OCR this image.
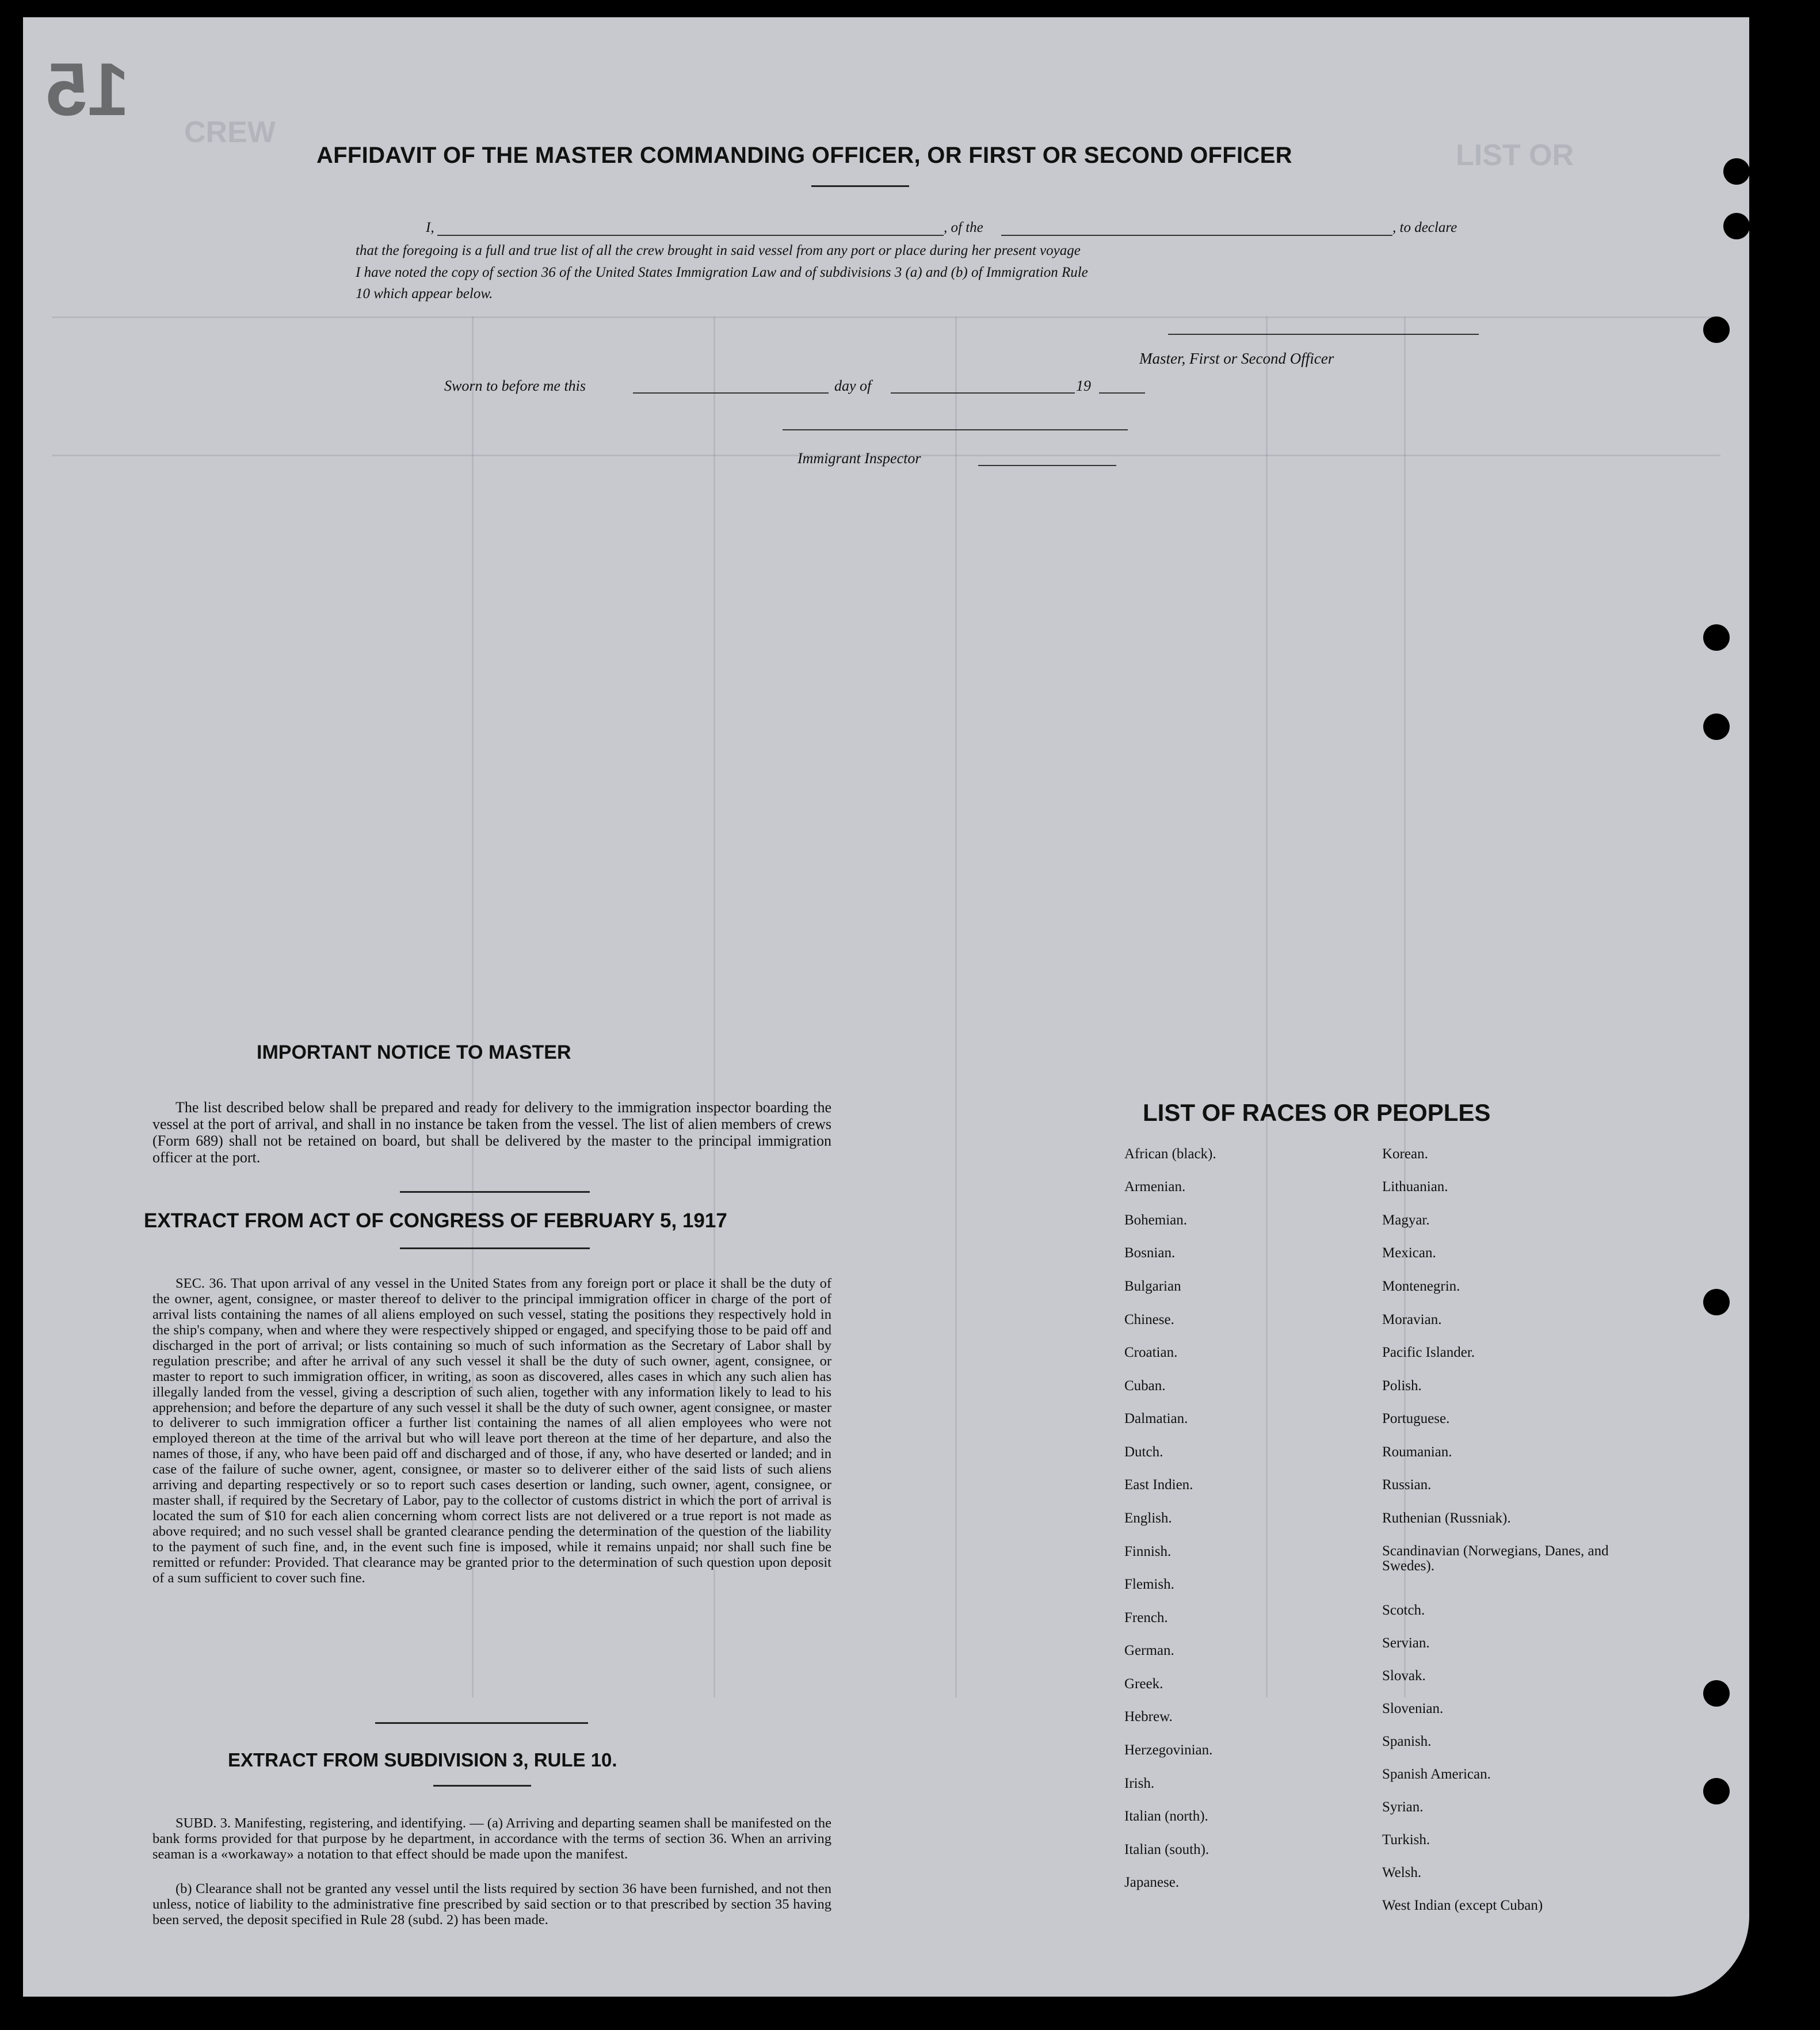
LIST OR
CREW
15
AFFIDAVIT OF THE MASTER COMMANDING OFFICER, OR FIRST OR SECOND OFFICER
I,	, of the	, to declare
that the foregoing is a full and true list of all the crew brought in said vessel from any port or place during her present voyage
I have noted the copy of section 36 of the United States Immigration Law and of subdivisions 3 (a) and (b) of Immigration Rule
10 which appear below.
Master, First or Second Officer
Sworn to before me this	day of	19
Immigrant Inspector
IMPORTANT NOTICE TO MASTER
The list described below shall be prepared and ready for delivery to the immigration inspector boarding the vessel at the port of arrival, and shall in no instance be taken from the vessel. The list of alien members of crews (Form 689) shall not be retained on board, but shall be delivered by the master to the principal immigration officer at the port.
EXTRACT FROM ACT OF CONGRESS OF FEBRUARY 5, 1917
SEC. 36. That upon arrival of any vessel in the United States from any foreign port or place it shall be the duty of the owner, agent, consignee, or master thereof to deliver to the principal immigration officer in charge of the port of arrival lists containing the names of all aliens employed on such vessel, stating the positions they respectively hold in the ship's company, when and where they were respectively shipped or engaged, and specifying those to be paid off and discharged in the port of arrival; or lists containing so much of such information as the Secretary of Labor shall by regulation prescribe; and after he arrival of any such vessel it shall be the duty of such owner, agent, consignee, or master to report to such immigration officer, in writing, as soon as discovered, alles cases in which any such alien has illegally landed from the vessel, giving a description of such alien, together with any information likely to lead to his apprehension; and before the departure of any such vessel it shall be the duty of such owner, agent consignee, or master to deliverer to such immigration officer a further list containing the names of all alien employees who were not employed thereon at the time of the arrival but who will leave port thereon at the time of her departure, and also the names of those, if any, who have been paid off and discharged and of those, if any, who have deserted or landed; and in case of the failure of suche owner, agent, consignee, or master so to deliverer either of the said lists of such aliens arriving and departing respectively or so to report such cases desertion or landing, such owner, agent, consignee, or master shall, if required by the Secretary of Labor, pay to the collector of customs district in which the port of arrival is located the sum of $10 for each alien concerning whom correct lists are not delivered or a true report is not made as above required; and no such vessel shall be granted clearance pending the determination of the question of the liability to the payment of such fine, and, in the event such fine is imposed, while it remains unpaid; nor shall such fine be remitted or refunder: Provided. That clearance may be granted prior to the determination of such question upon deposit of a sum sufficient to cover such fine.
EXTRACT FROM SUBDIVISION 3, RULE 10.
SUBD. 3. Manifesting, registering, and identifying. — (a) Arriving and departing seamen shall be manifested on the bank forms provided for that purpose by he department, in accordance with the terms of section 36. When an arriving seaman is a «workaway» a notation to that effect should be made upon the manifest.
(b) Clearance shall not be granted any vessel until the lists required by section 36 have been furnished, and not then unless, notice of liability to the administrative fine prescribed by said section or to that prescribed by section 35 having been served, the deposit specified in Rule 28 (subd. 2) has been made.
LIST OF RACES OR PEOPLES
African (black).
Armenian.
Bohemian.
Bosnian.
Bulgarian
Chinese.
Croatian.
Cuban.
Dalmatian.
Dutch.
East Indien.
English.
Finnish.
Flemish.
French.
German.
Greek.
Hebrew.
Herzegovinian.
Irish.
Italian (north).
Italian (south).
Japanese.
Korean.
Lithuanian.
Magyar.
Mexican.
Montenegrin.
Moravian.
Pacific Islander.
Polish.
Portuguese.
Roumanian.
Russian.
Ruthenian (Russniak).
Scandinavian (Norwegians, Danes, and Swedes).
Scotch.
Servian.
Slovak.
Slovenian.
Spanish.
Spanish American.
Syrian.
Turkish.
Welsh.
West Indian (except Cuban)
